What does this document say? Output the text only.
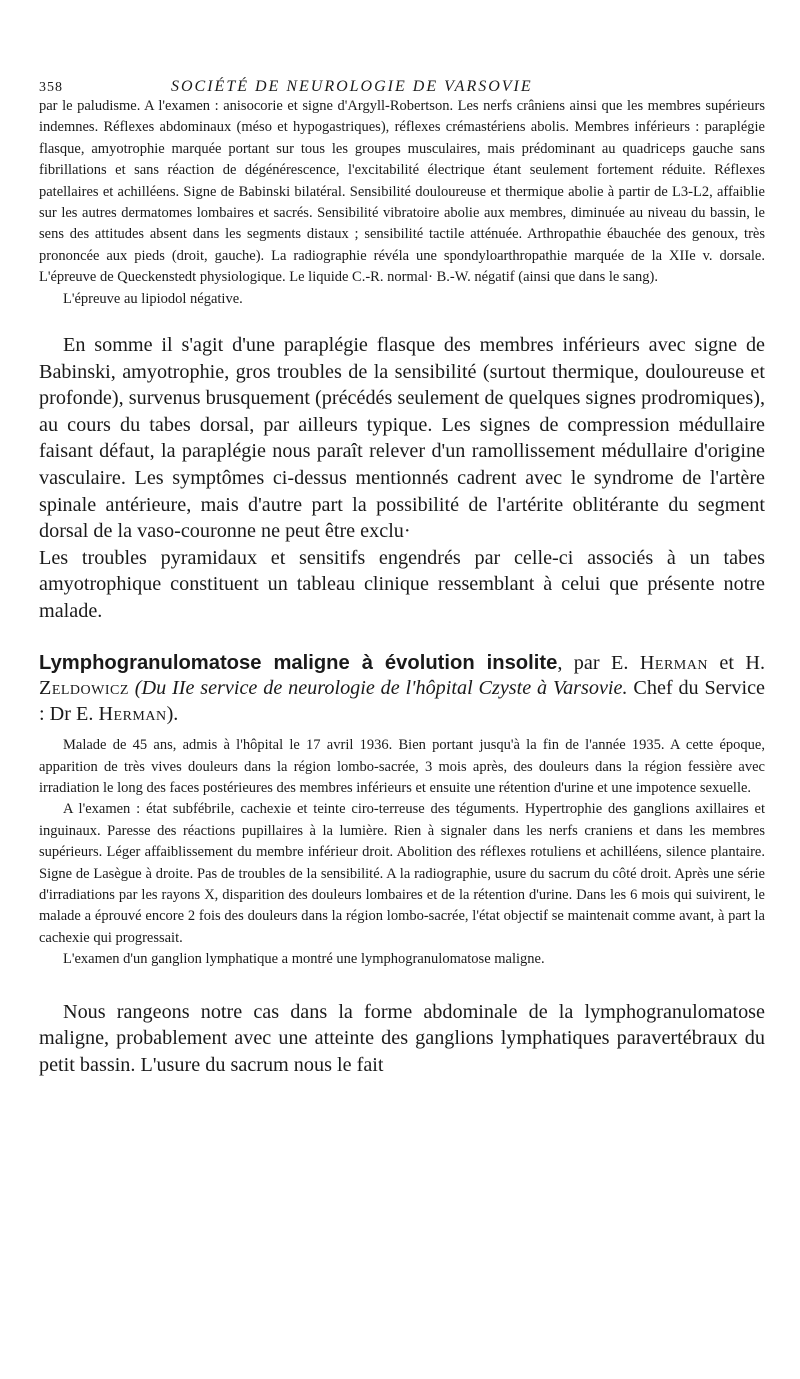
358	SOCIÉTÉ DE NEUROLOGIE DE VARSOVIE

par le paludisme. A l'examen : anisocorie et signe d'Argyll-Robertson. Les nerfs crâniens ainsi que les membres supérieurs indemnes. Réflexes abdominaux (méso et hypogastriques), réflexes crémastériens abolis. Membres inférieurs : paraplégie flasque, amyotrophie marquée portant sur tous les groupes musculaires, mais prédominant au quadriceps gauche sans fibrillations et sans réaction de dégénérescence, l'excitabilité électrique étant seulement fortement réduite. Réflexes patellaires et achilléens. Signe de Babinski bilatéral. Sensibilité douloureuse et thermique abolie à partir de L3-L2, affaiblie sur les autres dermatomes lombaires et sacrés. Sensibilité vibratoire abolie aux membres, diminuée au niveau du bassin, le sens des attitudes absent dans les segments distaux ; sensibilité tactile atténuée. Arthropathie ébauchée des genoux, très prononcée aux pieds (droit, gauche). La radiographie révéla une spondyloarthropathie marquée de la XIIe v. dorsale. L'épreuve de Queckenstedt physiologique. Le liquide C.-R. normal· B.-W. négatif (ainsi que dans le sang).

L'épreuve au lipiodol négative.

En somme il s'agit d'une paraplégie flasque des membres inférieurs avec signe de Babinski, amyotrophie, gros troubles de la sensibilité (surtout thermique, douloureuse et profonde), survenus brusquement (précédés seulement de quelques signes prodromiques), au cours du tabes dorsal, par ailleurs typique. Les signes de compression médullaire faisant défaut, la paraplégie nous paraît relever d'un ramollissement médullaire d'origine vasculaire. Les symptômes ci-dessus mentionnés cadrent avec le syndrome de l'artère spinale antérieure, mais d'autre part la possibilité de l'artérite oblitérante du segment dorsal de la vaso-couronne ne peut être exclu·

Les troubles pyramidaux et sensitifs engendrés par celle-ci associés à un tabes amyotrophique constituent un tableau clinique ressemblant à celui que présente notre malade.

Lymphogranulomatose maligne à évolution insolite, par E. Herman et H. Zeldowicz (Du IIe service de neurologie de l'hôpital Czyste à Varsovie. Chef du Service : Dr E. Herman).

Malade de 45 ans, admis à l'hôpital le 17 avril 1936. Bien portant jusqu'à la fin de l'année 1935. A cette époque, apparition de très vives douleurs dans la région lombo-sacrée, 3 mois après, des douleurs dans la région fessière avec irradiation le long des faces postérieures des membres inférieurs et ensuite une rétention d'urine et une impotence sexuelle.

A l'examen : état subfébrile, cachexie et teinte ciro-terreuse des téguments. Hypertrophie des ganglions axillaires et inguinaux. Paresse des réactions pupillaires à la lumière. Rien à signaler dans les nerfs craniens et dans les membres supérieurs. Léger affaiblissement du membre inférieur droit. Abolition des réflexes rotuliens et achilléens, silence plantaire. Signe de Lasègue à droite. Pas de troubles de la sensibilité. A la radiographie, usure du sacrum du côté droit. Après une série d'irradiations par les rayons X, disparition des douleurs lombaires et de la rétention d'urine. Dans les 6 mois qui suivirent, le malade a éprouvé encore 2 fois des douleurs dans la région lombo-sacrée, l'état objectif se maintenait comme avant, à part la cachexie qui progressait.

L'examen d'un ganglion lymphatique a montré une lymphogranulomatose maligne.

Nous rangeons notre cas dans la forme abdominale de la lymphogranulomatose maligne, probablement avec une atteinte des ganglions lymphatiques paravertébraux du petit bassin. L'usure du sacrum nous le fait
